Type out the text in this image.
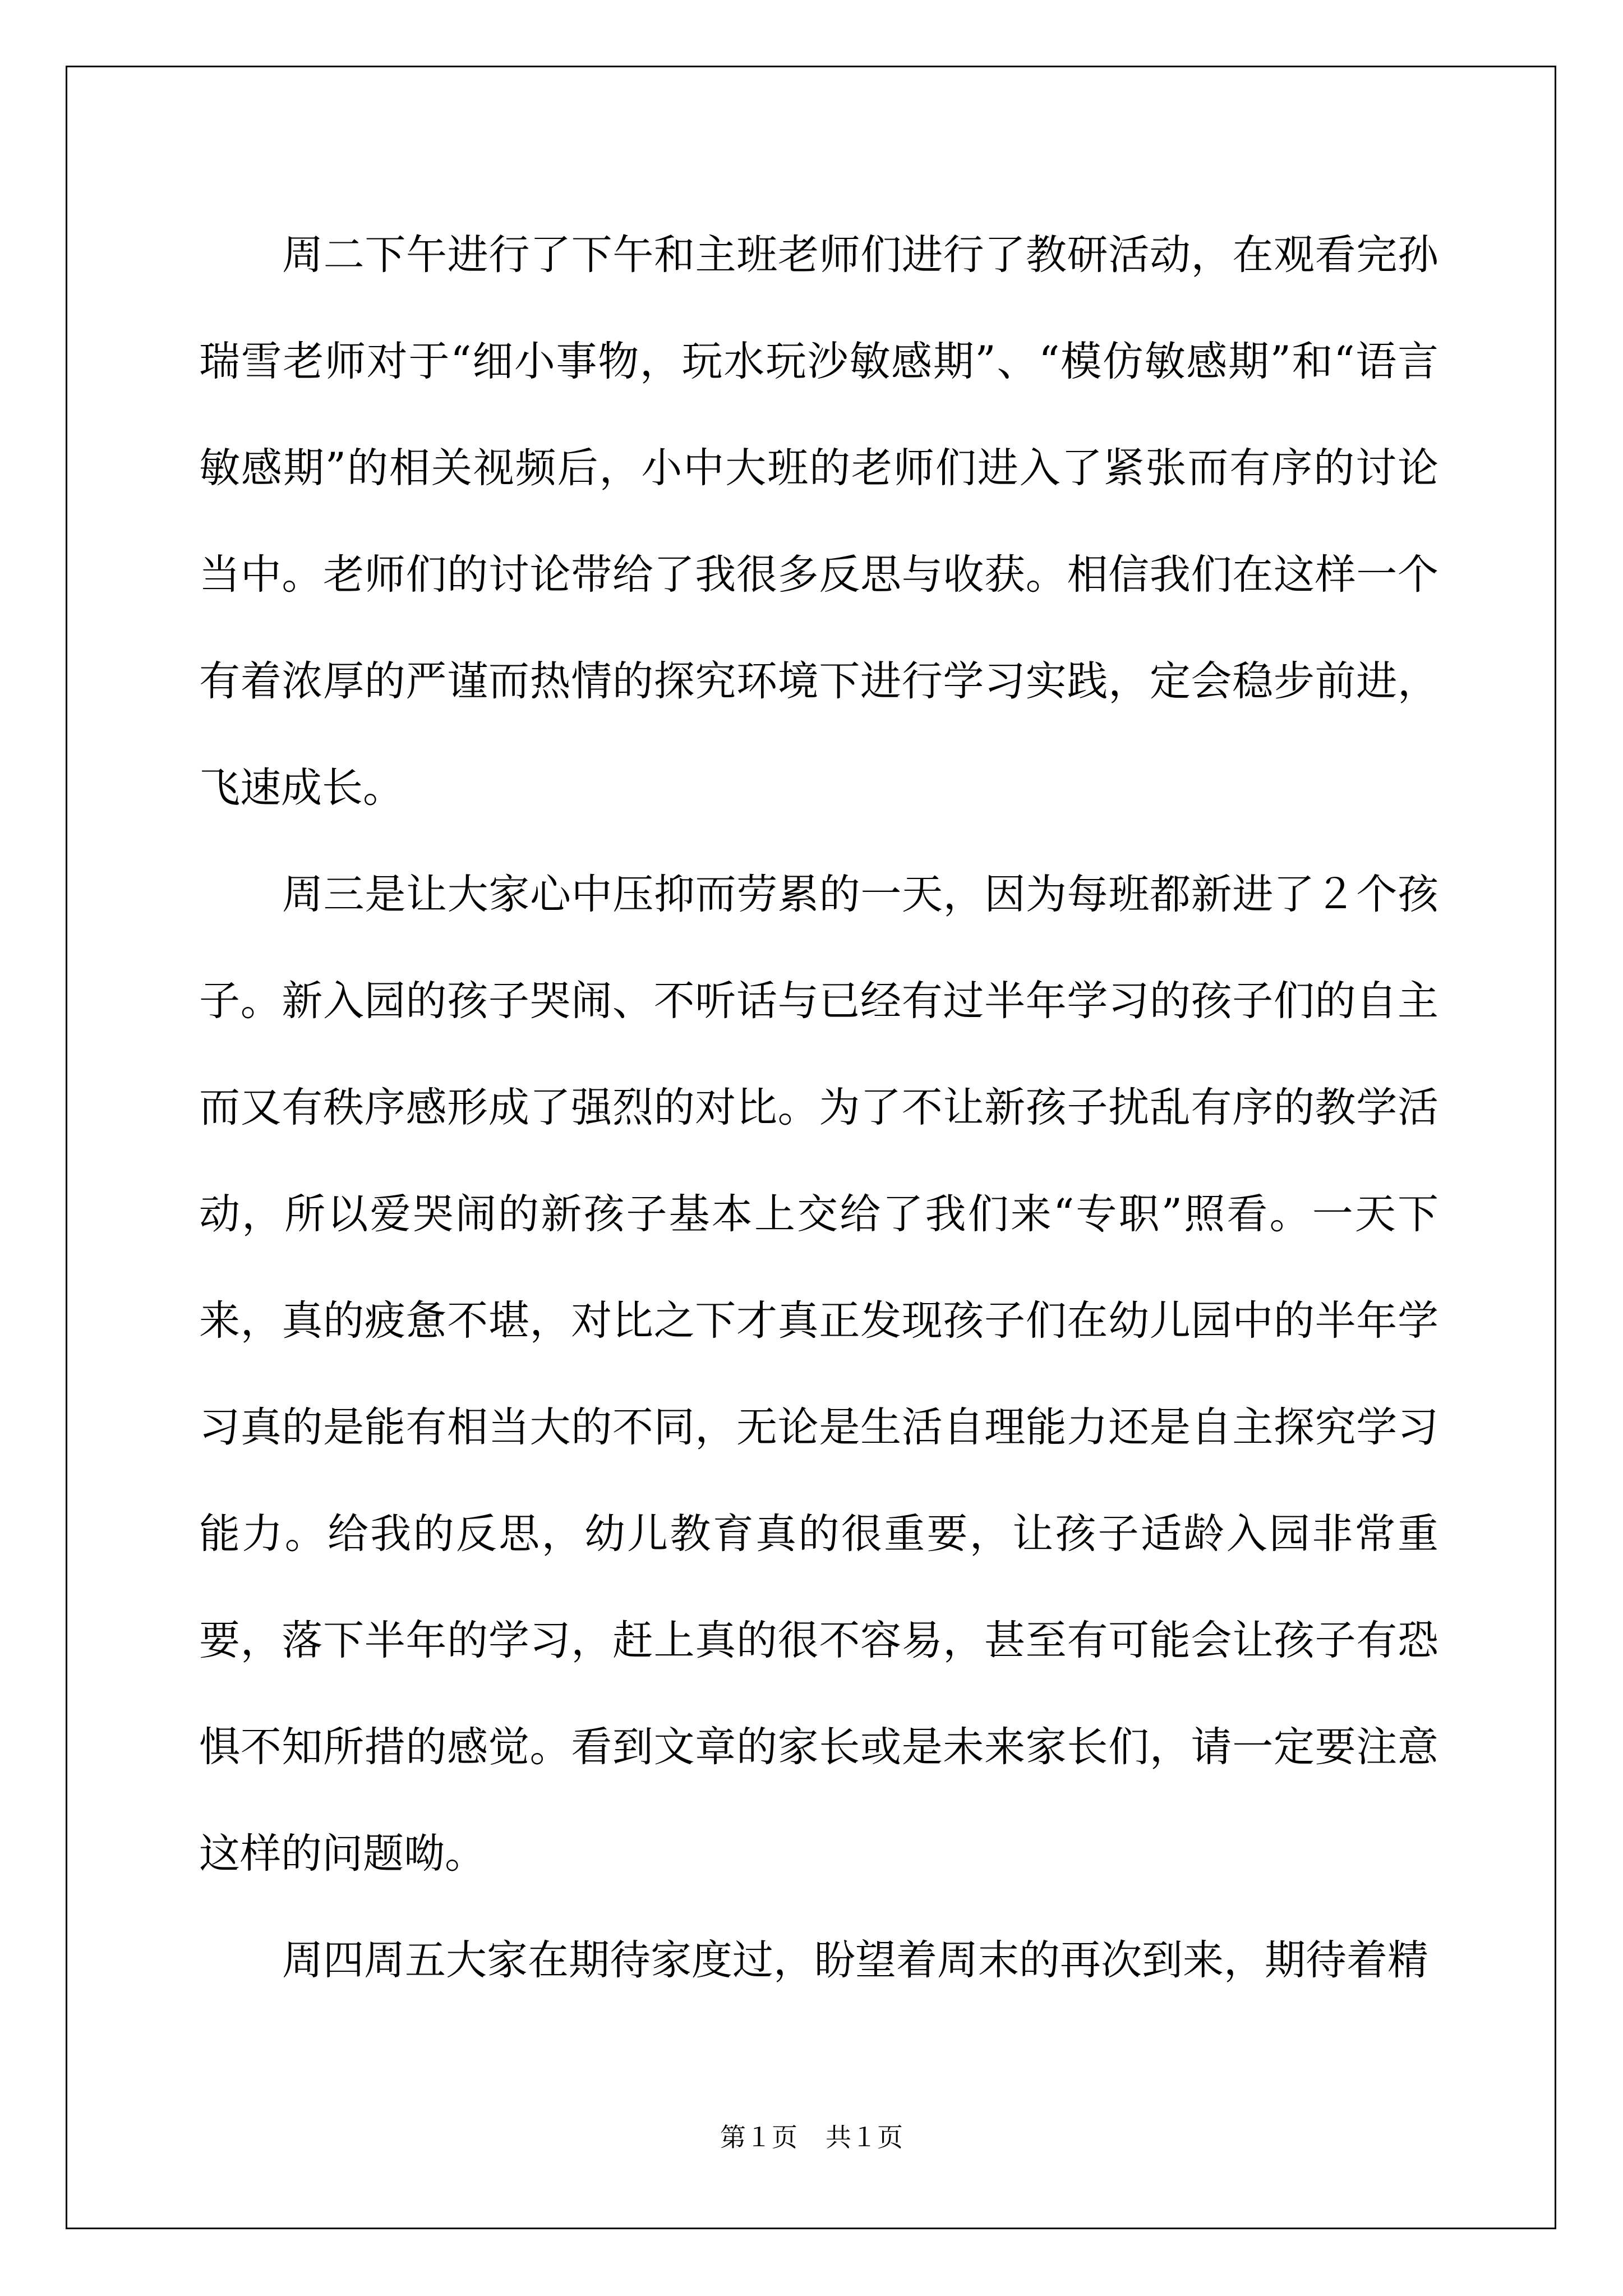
周二下午进行了下午和主班老师们进行了教研活动，在观看完孙瑞雪老师对于“细小事物，玩水玩沙敏感期”、“模仿敏感期”和“语言敏感期”的相关视频后，小中大班的老师们进入了紧张而有序的讨论当中。老师们的讨论带给了我很多反思与收获。相信我们在这样一个有着浓厚的严谨而热情的探究环境下进行学习实践，定会稳步前进，飞速成长。

周三是让大家心中压抑而劳累的一天，因为每班都新进了２个孩子。新入园的孩子哭闹、不听话与已经有过半年学习的孩子们的自主而又有秩序感形成了强烈的对比。为了不让新孩子扰乱有序的教学活动，所以爱哭闹的新孩子基本上交给了我们来“专职”照看。一天下来，真的疲惫不堪，对比之下才真正发现孩子们在幼儿园中的半年学习真的是能有相当大的不同，无论是生活自理能力还是自主探究学习能力。给我的反思，幼儿教育真的很重要，让孩子适龄入园非常重要，落下半年的学习，赶上真的很不容易，甚至有可能会让孩子有恐惧不知所措的感觉。看到文章的家长或是未来家长们，请一定要注意这样的问题呦。

周四周五大家在期待家度过，盼望着周末的再次到来，期待着精

第１页 共１页
